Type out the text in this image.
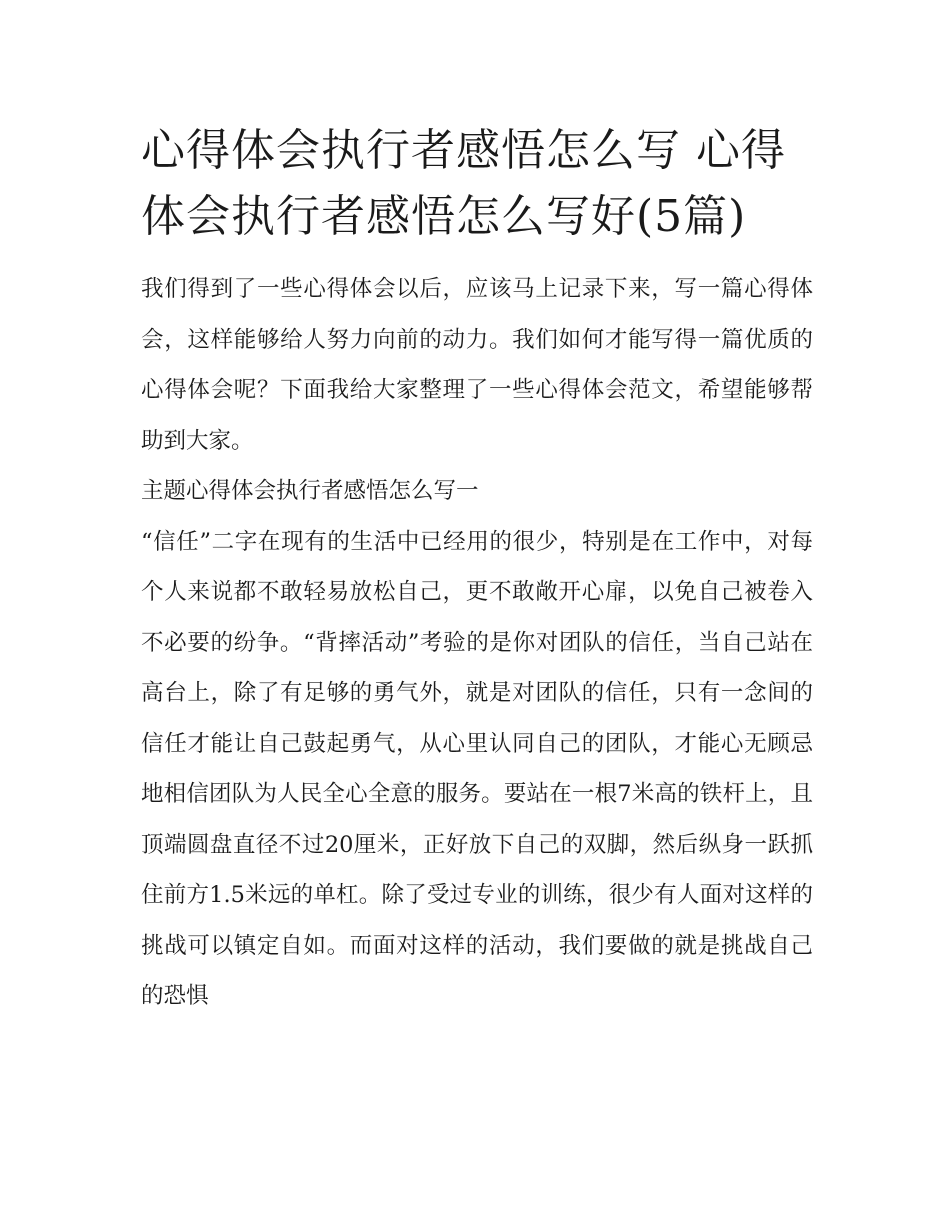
心得体会执行者感悟怎么写 心得体会执行者感悟怎么写好(5篇)

我们得到了一些心得体会以后，应该马上记录下来，写一篇心得体会，这样能够给人努力向前的动力。我们如何才能写得一篇优质的心得体会呢？下面我给大家整理了一些心得体会范文，希望能够帮助到大家。

主题心得体会执行者感悟怎么写一

“信任”二字在现有的生活中已经用的很少，特别是在工作中，对每个人来说都不敢轻易放松自己，更不敢敞开心扉，以免自己被卷入不必要的纷争。“背摔活动”考验的是你对团队的信任，当自己站在高台上，除了有足够的勇气外，就是对团队的信任，只有一念间的信任才能让自己鼓起勇气，从心里认同自己的团队，才能心无顾忌地相信团队为人民全心全意的服务。要站在一根7米高的铁杆上，且顶端圆盘直径不过20厘米，正好放下自己的双脚，然后纵身一跃抓住前方1.5米远的单杠。除了受过专业的训练，很少有人面对这样的挑战可以镇定自如。而面对这样的活动，我们要做的就是挑战自己的恐惧
